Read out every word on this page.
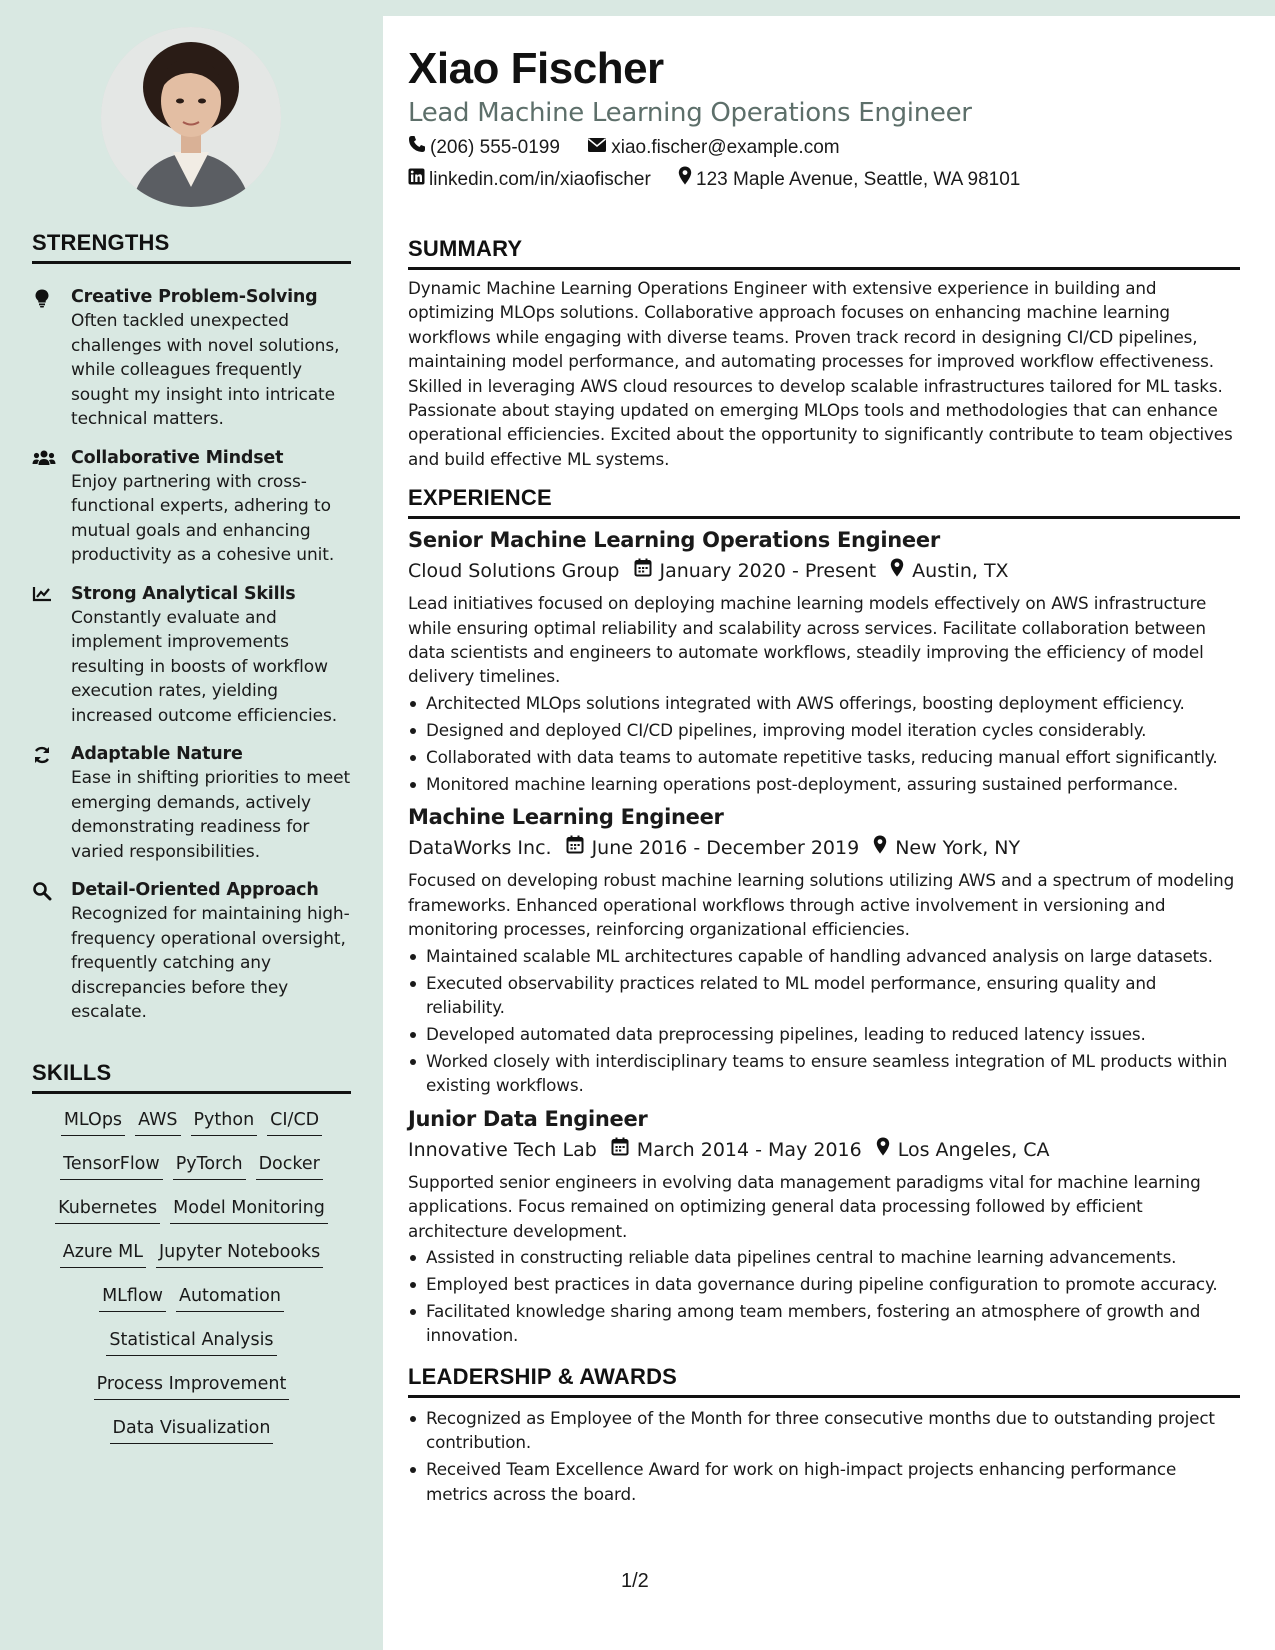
STRENGTHS
Creative Problem-Solving
Often tackled unexpected challenges with novel solutions, while colleagues frequently sought my insight into intricate technical matters.
Collaborative Mindset
Enjoy partnering with cross-functional experts, adhering to mutual goals and enhancing productivity as a cohesive unit.
Strong Analytical Skills
Constantly evaluate and implement improvements resulting in boosts of workflow execution rates, yielding increased outcome efficiencies.
Adaptable Nature
Ease in shifting priorities to meet emerging demands, actively demonstrating readiness for varied responsibilities.
Detail-Oriented Approach
Recognized for maintaining high-frequency operational oversight, frequently catching any discrepancies before they escalate.
SKILLS
MLOps AWS Python CI/CD
TensorFlow PyTorch Docker
Kubernetes Model Monitoring
Azure ML Jupyter Notebooks
MLflow Automation
Statistical Analysis
Process Improvement
Data Visualization
Xiao Fischer
Lead Machine Learning Operations Engineer
(206) 555-0199
	xiao.fischer@example.com
linkedin.com/in/xiaofischer
123 Maple Avenue, Seattle, WA 98101
SUMMARY
Dynamic Machine Learning Operations Engineer with extensive experience in building and optimizing MLOps solutions. Collaborative approach focuses on enhancing machine learning workflows while engaging with diverse teams. Proven track record in designing CI/CD pipelines, maintaining model performance, and automating processes for improved workflow effectiveness. Skilled in leveraging AWS cloud resources to develop scalable infrastructures tailored for ML tasks. Passionate about staying updated on emerging MLOps tools and methodologies that can enhance operational efficiencies. Excited about the opportunity to significantly contribute to team objectives and build effective ML systems.
EXPERIENCE
Senior Machine Learning Operations Engineer
Cloud Solutions Group January 2020 - Present Austin, TX
Lead initiatives focused on deploying machine learning models effectively on AWS infrastructure while ensuring optimal reliability and scalability across services. Facilitate collaboration between data scientists and engineers to automate workflows, steadily improving the efficiency of model delivery timelines.
Architected MLOps solutions integrated with AWS offerings, boosting deployment efficiency.
Designed and deployed CI/CD pipelines, improving model iteration cycles considerably.
Collaborated with data teams to automate repetitive tasks, reducing manual effort significantly.
Monitored machine learning operations post-deployment, assuring sustained performance.
Machine Learning Engineer
DataWorks Inc. June 2016 - December 2019 New York, NY
Focused on developing robust machine learning solutions utilizing AWS and a spectrum of modeling frameworks. Enhanced operational workflows through active involvement in versioning and monitoring processes, reinforcing organizational efficiencies.
Maintained scalable ML architectures capable of handling advanced analysis on large datasets.
Executed observability practices related to ML model performance, ensuring quality and reliability.
Developed automated data preprocessing pipelines, leading to reduced latency issues.
Worked closely with interdisciplinary teams to ensure seamless integration of ML products within existing workflows.
Junior Data Engineer
Innovative Tech Lab March 2014 - May 2016 Los Angeles, CA
Supported senior engineers in evolving data management paradigms vital for machine learning applications. Focus remained on optimizing general data processing followed by efficient architecture development.
Assisted in constructing reliable data pipelines central to machine learning advancements.
Employed best practices in data governance during pipeline configuration to promote accuracy.
Facilitated knowledge sharing among team members, fostering an atmosphere of growth and innovation.
LEADERSHIP & AWARDS
Recognized as Employee of the Month for three consecutive months due to outstanding project contribution.
Received Team Excellence Award for work on high-impact projects enhancing performance metrics across the board.
1/2
